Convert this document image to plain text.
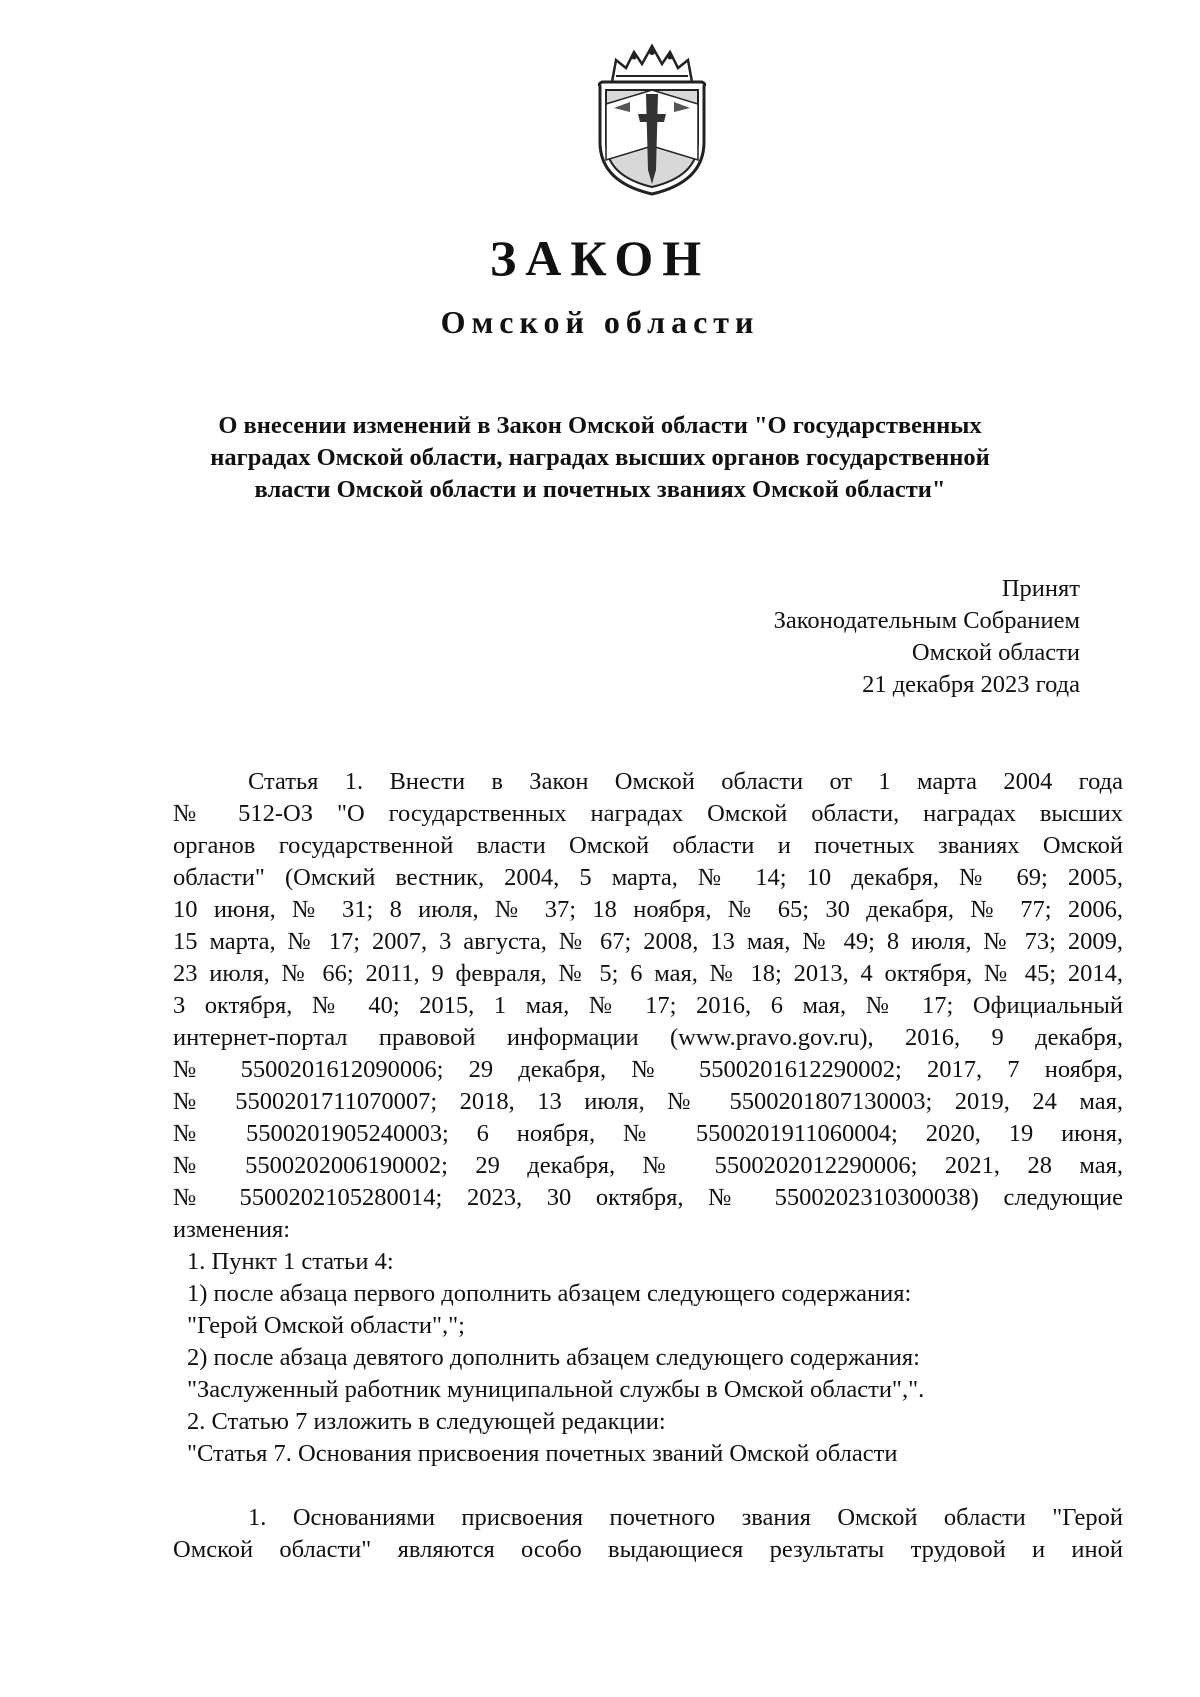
ЗАКОН
Омской области
О внесении изменений в Закон Омской области "О государственных
наградах Омской области, наградах высших органов государственной
власти Омской области и почетных званиях Омской области"
Принят
Законодательным Собранием
Омской области
21 декабря 2023 года
Статья 1. Внести в Закон Омской области от 1 марта 2004 года
№ 512-ОЗ "О государственных наградах Омской области, наградах высших
органов государственной власти Омской области и почетных званиях Омской
области" (Омский вестник, 2004, 5 марта, № 14; 10 декабря, № 69; 2005,
10 июня, № 31; 8 июля, № 37; 18 ноября, № 65; 30 декабря, № 77; 2006,
15 марта, № 17; 2007, 3 августа, № 67; 2008, 13 мая, № 49; 8 июля, № 73; 2009,
23 июля, № 66; 2011, 9 февраля, № 5; 6 мая, № 18; 2013, 4 октября, № 45; 2014,
3 октября, № 40; 2015, 1 мая, № 17; 2016, 6 мая, № 17; Официальный
интернет-портал правовой информации (www.pravo.gov.ru), 2016, 9 декабря,
№ 5500201612090006; 29 декабря, № 5500201612290002; 2017, 7 ноября,
№ 5500201711070007; 2018, 13 июля, № 5500201807130003; 2019, 24 мая,
№ 5500201905240003; 6 ноября, № 5500201911060004; 2020, 19 июня,
№ 5500202006190002; 29 декабря, № 5500202012290006; 2021, 28 мая,
№ 5500202105280014; 2023, 30 октября, № 5500202310300038) следующие
изменения:
1. Пункт 1 статьи 4:
1) после абзаца первого дополнить абзацем следующего содержания:
"Герой Омской области",";
2) после абзаца девятого дополнить абзацем следующего содержания:
"Заслуженный работник муниципальной службы в Омской области",".
2. Статью 7 изложить в следующей редакции:
"Статья 7. Основания присвоения почетных званий Омской области
1. Основаниями присвоения почетного звания Омской области "Герой
Омской области" являются особо выдающиеся результаты трудовой и иной
